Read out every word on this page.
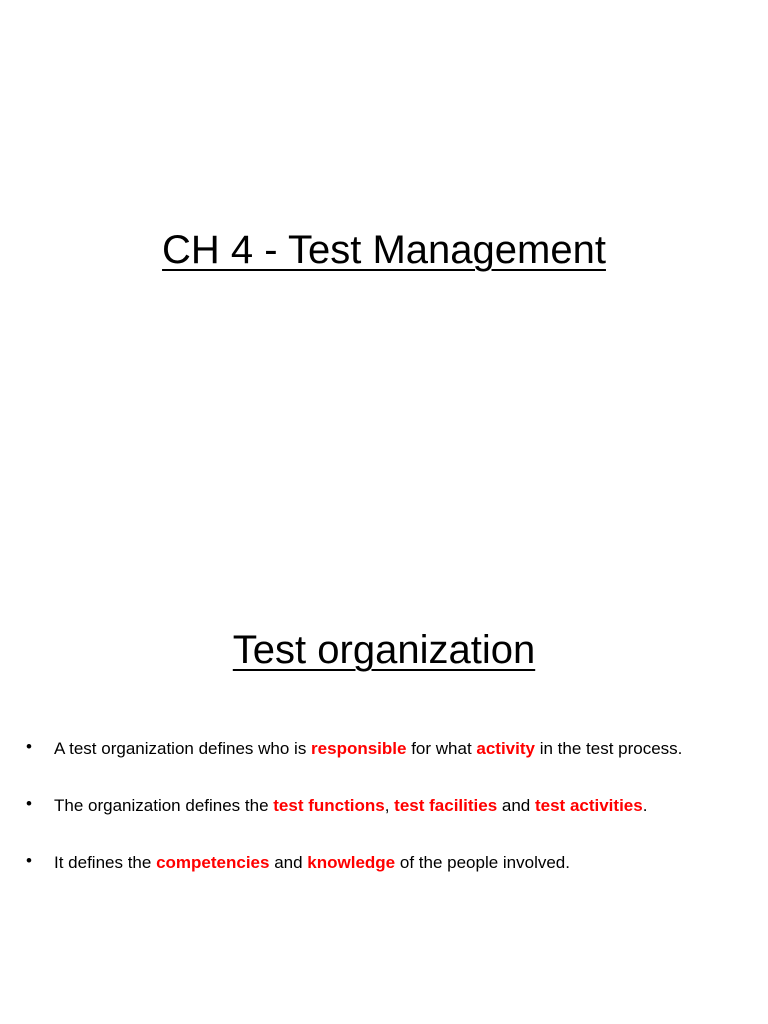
CH 4 - Test Management
Test organization
• A test organization defines who is responsible for what activity in the test process.
• The organization defines the test functions, test facilities and test activities.
• It defines the competencies and knowledge of the people involved.
